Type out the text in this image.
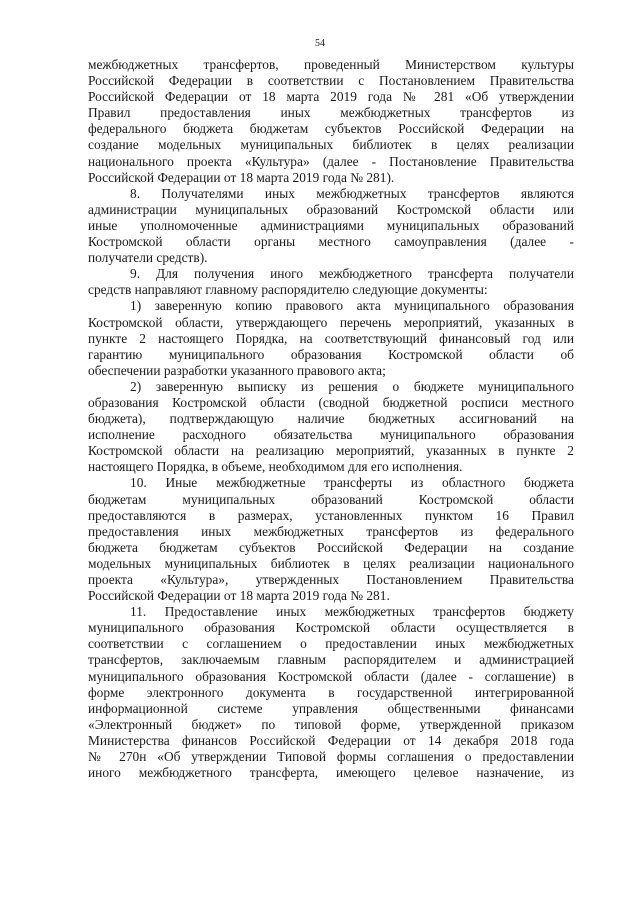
54
межбюджетных трансфертов, проведенный Министерством культуры
Российской Федерации в соответствии с Постановлением Правительства
Российской Федерации от 18 марта 2019 года № 281 «Об утверждении
Правил предоставления иных межбюджетных трансфертов из
федерального бюджета бюджетам субъектов Российской Федерации на
создание модельных муниципальных библиотек в целях реализации
национального проекта «Культура» (далее - Постановление Правительства
Российской Федерации от 18 марта 2019 года № 281).
8. Получателями иных межбюджетных трансфертов являются
администрации муниципальных образований Костромской области или
иные уполномоченные администрациями муниципальных образований
Костромской области органы местного самоуправления (далее -
получатели средств).
9. Для получения иного межбюджетного трансферта получатели
средств направляют главному распорядителю следующие документы:
1) заверенную копию правового акта муниципального образования
Костромской области, утверждающего перечень мероприятий, указанных в
пункте 2 настоящего Порядка, на соответствующий финансовый год или
гарантию муниципального образования Костромской области об
обеспечении разработки указанного правового акта;
2) заверенную выписку из решения о бюджете муниципального
образования Костромской области (сводной бюджетной росписи местного
бюджета), подтверждающую наличие бюджетных ассигнований на
исполнение расходного обязательства муниципального образования
Костромской области на реализацию мероприятий, указанных в пункте 2
настоящего Порядка, в объеме, необходимом для его исполнения.
10. Иные межбюджетные трансферты из областного бюджета
бюджетам муниципальных образований Костромской области
предоставляются в размерах, установленных пунктом 16 Правил
предоставления иных межбюджетных трансфертов из федерального
бюджета бюджетам субъектов Российской Федерации на создание
модельных муниципальных библиотек в целях реализации национального
проекта «Культура», утвержденных Постановлением Правительства
Российской Федерации от 18 марта 2019 года № 281.
11. Предоставление иных межбюджетных трансфертов бюджету
муниципального образования Костромской области осуществляется в
соответствии с соглашением о предоставлении иных межбюджетных
трансфертов, заключаемым главным распорядителем и администрацией
муниципального образования Костромской области (далее - соглашение) в
форме электронного документа в государственной интегрированной
информационной системе управления общественными финансами
«Электронный бюджет» по типовой форме, утвержденной приказом
Министерства финансов Российской Федерации от 14 декабря 2018 года
№ 270н «Об утверждении Типовой формы соглашения о предоставлении
иного межбюджетного трансферта, имеющего целевое назначение, из
